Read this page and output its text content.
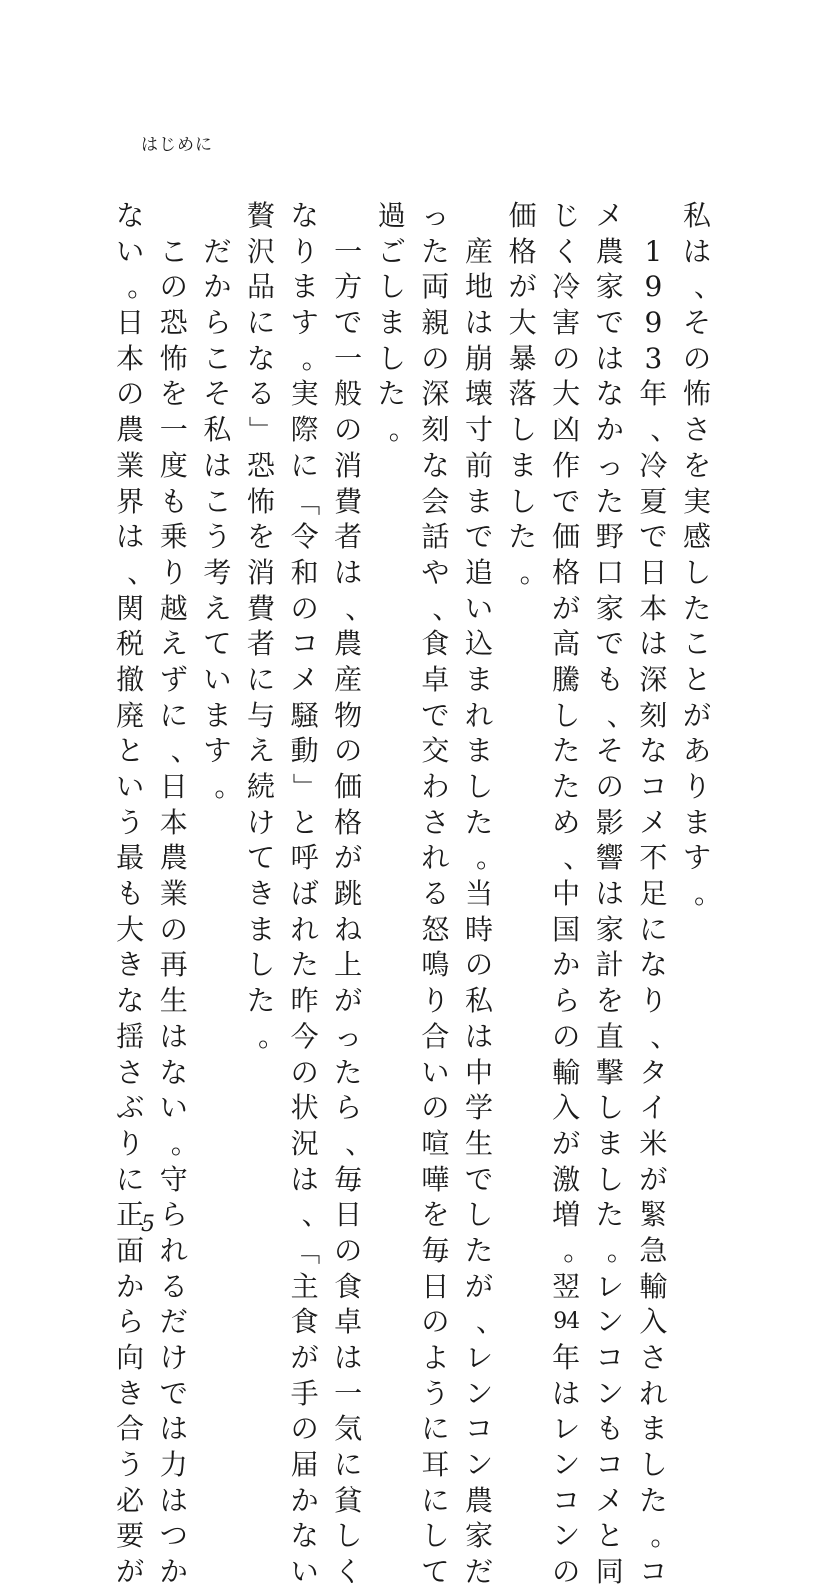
はじめに
私
は
、
そ
の
怖
さ
を
実
感
し
た
こ
と
が
あ
り
ま
す
。
1
9
9
3
年
、
冷
夏
で
日
本
は
深
刻
な
コ
メ
不
足
に
な
り
、
タ
イ
米
が
緊
急
輸
入
さ
れ
ま
し
た
。
コ
メ
農
家
で
は
な
か
っ
た
野
口
家
で
も
、
そ
の
影
響
は
家
計
を
直
撃
し
ま
し
た
。
レ
ン
コ
ン
も
コ
メ
と
同
じ
く
冷
害
の
大
凶
作
で
価
格
が
高
騰
し
た
た
め
、
中
国
か
ら
の
輸
入
が
激
増
。
翌
94
年
は
レ
ン
コ
ン
の
価
格
が
大
暴
落
し
ま
し
た
。
産
地
は
崩
壊
寸
前
ま
で
追
い
込
ま
れ
ま
し
た
。
当
時
の
私
は
中
学
生
で
し
た
が
、
レ
ン
コ
ン
農
家
だ
っ
た
両
親
の
深
刻
な
会
話
や
、
食
卓
で
交
わ
さ
れ
る
怒
鳴
り
合
い
の
喧
嘩
を
毎
日
の
よ
う
に
耳
に
し
て
過
ご
し
ま
し
た
。
一
方
で
一
般
の
消
費
者
は
、
農
産
物
の
価
格
が
跳
ね
上
が
っ
た
ら
、
毎
日
の
食
卓
は
一
気
に
貧
し
く
な
り
ま
す
。
実
際
に
「
令
和
の
コ
メ
騒
動
」
と
呼
ば
れ
た
昨
今
の
状
況
は
、
「
主
食
が
手
の
届
か
な
い
贅
沢
品
に
な
る
」
恐
怖
を
消
費
者
に
与
え
続
け
て
き
ま
し
た
。
だ
か
ら
こ
そ
私
は
こ
う
考
え
て
い
ま
す
。
こ
の
恐
怖
を
一
度
も
乗
り
越
え
ず
に
、
日
本
農
業
の
再
生
は
な
い
。
守
ら
れ
る
だ
け
で
は
力
は
つ
か
な
い
。
日
本
の
農
業
界
は
、
関
税
撤
廃
と
い
う
最
も
大
き
な
揺
さ
ぶ
り
に
正
面
か
ら
向
き
合
う
必
要
が
5
